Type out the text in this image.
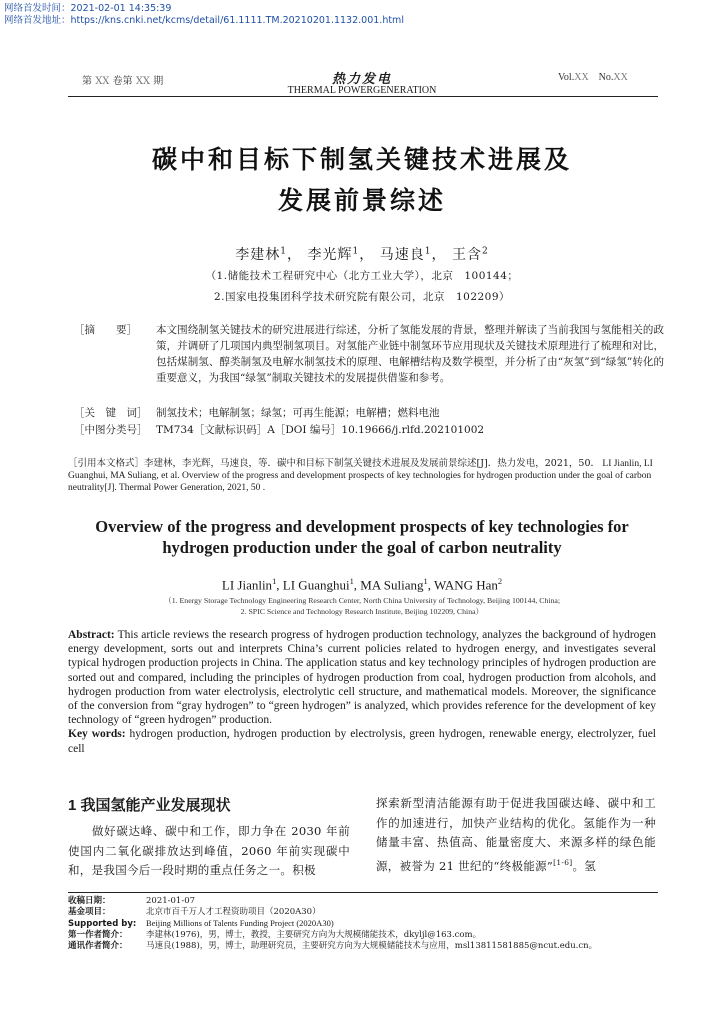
网络首发时间：2021-02-01 14:35:39
网络首发地址：https://kns.cnki.net/kcms/detail/61.1111.TM.20210201.1132.001.html
第 XX 卷第 XX 期	热力发电
THERMAL POWERGENERATION
Vol.XX No.XX
碳中和目标下制氢关键技术进展及
发展前景综述
李建林$^1$， 李光辉$^1$， 马速良$^1$， 王含$^2$
（1.储能技术工程研究中心（北方工业大学），北京　100144；
2.国家电投集团科学技术研究院有限公司，北京　102209）
［摘　　要］ 本文围绕制氢关键技术的研究进展进行综述，分析了氢能发展的背景，整理并解读了当前我国与氢能相关的政策，并调研了几项国内典型制氢项目。对氢能产业链中制氢环节应用现状及关键技术原理进行了梳理和对比，包括煤制氢、醇类制氢及电解水制氢技术的原理、电解槽结构及数学模型，并分析了由“灰氢”到“绿氢”转化的重要意义，为我国“绿氢”制取关键技术的发展提供借鉴和参考。
［关　键　词］ 制氢技术；电解制氢；绿氢；可再生能源；电解槽；燃料电池
［中图分类号］ TM734［文献标识码］A［DOI 编号］10.19666/j.rlfd.202101002
［引用本文格式］李建林，李光辉，马速良，等．碳中和目标下制氢关键技术进展及发展前景综述[J]．热力发电，2021，50． LI Jianlin, LI Guanghui, MA Suliang, et al. Overview of the progress and development prospects of key technologies for hydrogen production under the goal of carbon neutrality[J]. Thermal Power Generation, 2021, 50 .
Overview of the progress and development prospects of key technologies for
hydrogen production under the goal of carbon neutrality
LI Jianlin$^1$, LI Guanghui$^1$, MA Suliang$^1$, WANG Han$^2$
（1. Energy Storage Technology Engineering Research Center, North China University of Technology, Beijing 100144, China;
2. SPIC Science and Technology Research Institute, Beijing 102209, China）
Abstract: This article reviews the research progress of hydrogen production technology, analyzes the background of hydrogen energy development, sorts out and interprets China’s current policies related to hydrogen energy, and investigates several typical hydrogen production projects in China. The application status and key technology principles of hydrogen production are sorted out and compared, including the principles of hydrogen production from coal, hydrogen production from alcohols, and hydrogen production from water electrolysis, electrolytic cell structure, and mathematical models. Moreover, the significance of the conversion from “gray hydrogen” to “green hydrogen” is analyzed, which provides reference for the development of key technology of “green hydrogen” production.
Key words: hydrogen production, hydrogen production by electrolysis, green hydrogen, renewable energy, electrolyzer, fuel cell
1 我国氢能产业发展现状
做好碳达峰、碳中和工作，即力争在 2030 年前使国内二氧化碳排放达到峰值，2060 年前实现碳中和，是我国今后一段时期的重点任务之一。积极
探索新型清洁能源有助于促进我国碳达峰、碳中和工作的加速进行，加快产业结构的优化。氢能作为一种储量丰富、热值高、能量密度大、来源多样的绿色能源，被誉为 21 世纪的“终极能源”[1-6]。氢
收稿日期：	2021-01-07
基金项目：	北京市百千万人才工程资助项目（2020A30）
Supported by: Beijing Millions of Talents Funding Project (2020A30)
第一作者简介： 李建林(1976)，男，博士，教授，主要研究方向为大规模储能技术，dkyljl@163.com。
通讯作者简介： 马速良(1988)，男，博士，助理研究员，主要研究方向为大规模储能技术与应用，msl13811581885@ncut.edu.cn。
